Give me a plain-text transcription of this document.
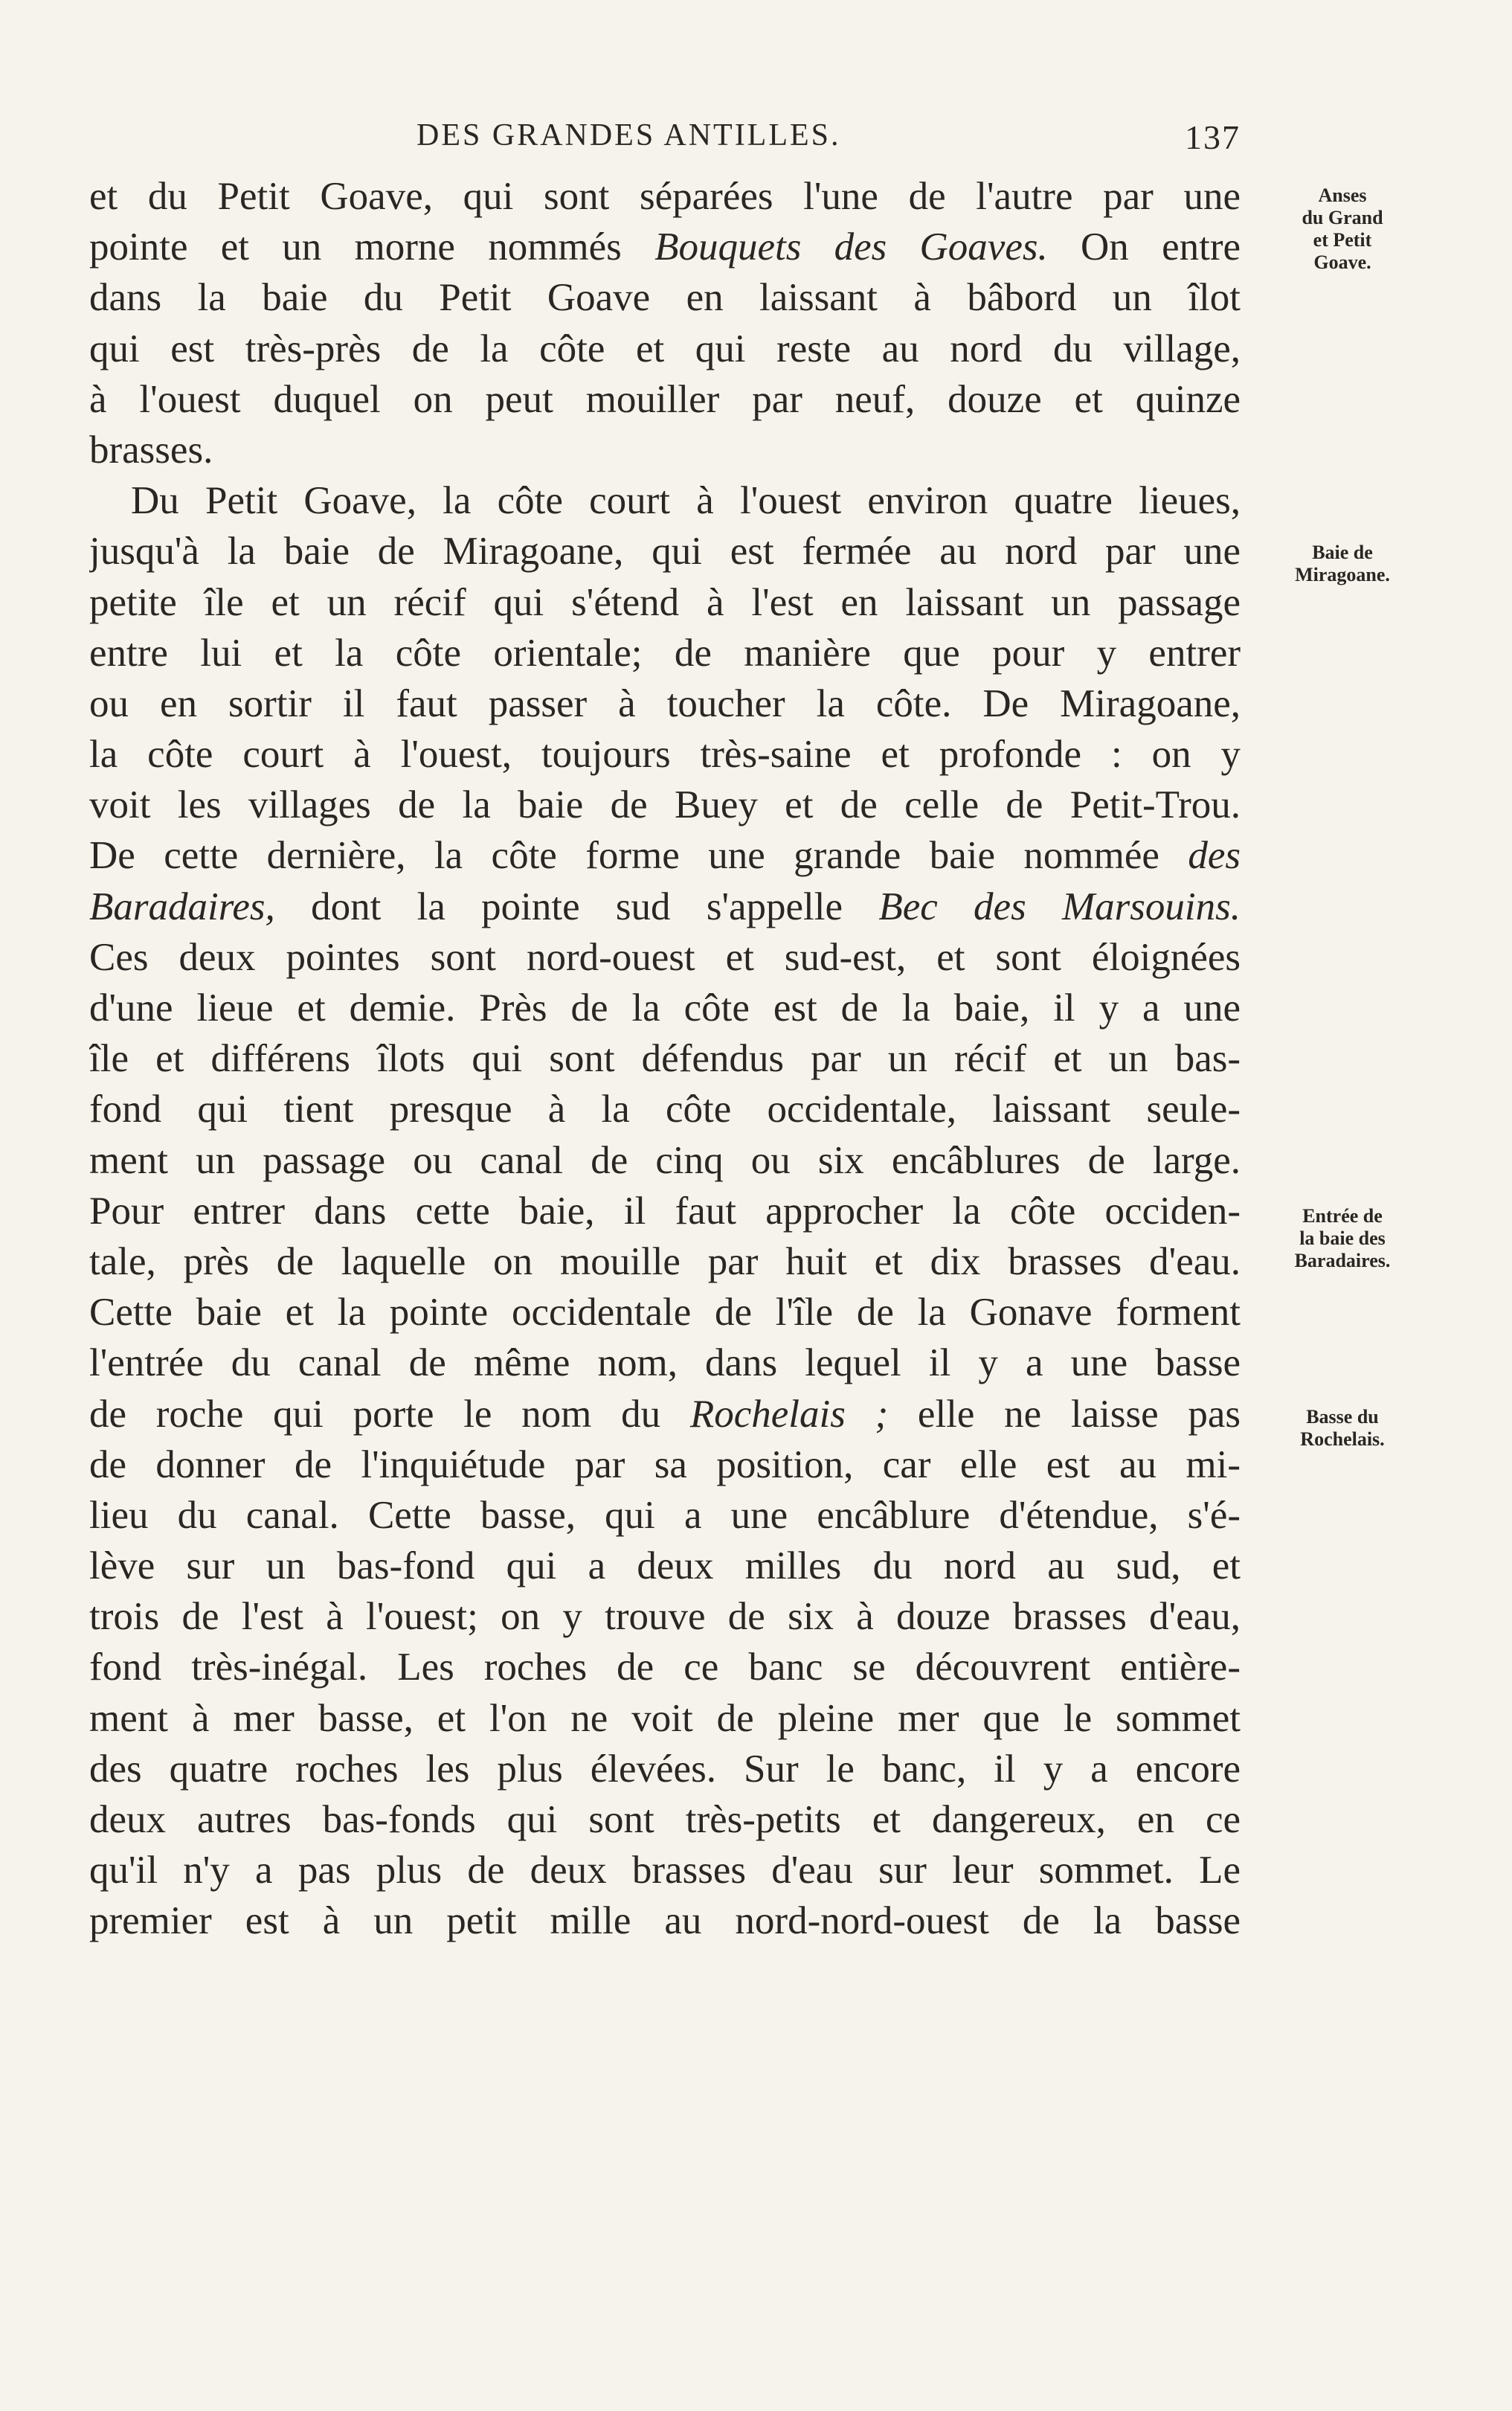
DES GRANDES ANTILLES.	137
et du Petit Goave, qui sont séparées l'une de l'autre par une
pointe et un morne nommés Bouquets des Goaves. On entre
dans la baie du Petit Goave en laissant à bâbord un îlot
qui est très-près de la côte et qui reste au nord du village,
à l'ouest duquel on peut mouiller par neuf, douze et quinze
brasses.
Du Petit Goave, la côte court à l'ouest environ quatre lieues,
jusqu'à la baie de Miragoane, qui est fermée au nord par une
petite île et un récif qui s'étend à l'est en laissant un passage
entre lui et la côte orientale; de manière que pour y entrer
ou en sortir il faut passer à toucher la côte. De Miragoane,
la côte court à l'ouest, toujours très-saine et profonde : on y
voit les villages de la baie de Buey et de celle de Petit-Trou.
De cette dernière, la côte forme une grande baie nommée des
Baradaires, dont la pointe sud s'appelle Bec des Marsouins.
Ces deux pointes sont nord-ouest et sud-est, et sont éloignées
d'une lieue et demie. Près de la côte est de la baie, il y a une
île et différens îlots qui sont défendus par un récif et un bas-
fond qui tient presque à la côte occidentale, laissant seule-
ment un passage ou canal de cinq ou six encâblures de large.
Pour entrer dans cette baie, il faut approcher la côte occiden-
tale, près de laquelle on mouille par huit et dix brasses d'eau.
Cette baie et la pointe occidentale de l'île de la Gonave forment
l'entrée du canal de même nom, dans lequel il y a une basse
de roche qui porte le nom du Rochelais ; elle ne laisse pas
de donner de l'inquiétude par sa position, car elle est au mi-
lieu du canal. Cette basse, qui a une encâblure d'étendue, s'é-
lève sur un bas-fond qui a deux milles du nord au sud, et
trois de l'est à l'ouest; on y trouve de six à douze brasses d'eau,
fond très-inégal. Les roches de ce banc se découvrent entière-
ment à mer basse, et l'on ne voit de pleine mer que le sommet
des quatre roches les plus élevées. Sur le banc, il y a encore
deux autres bas-fonds qui sont très-petits et dangereux, en ce
qu'il n'y a pas plus de deux brasses d'eau sur leur sommet. Le
premier est à un petit mille au nord-nord-ouest de la basse
Anses
du Grand
et Petit
Goave.
Baie de
Miragoane.
Entrée de
la baie des
Baradaires.
Basse du
Rochelais.
